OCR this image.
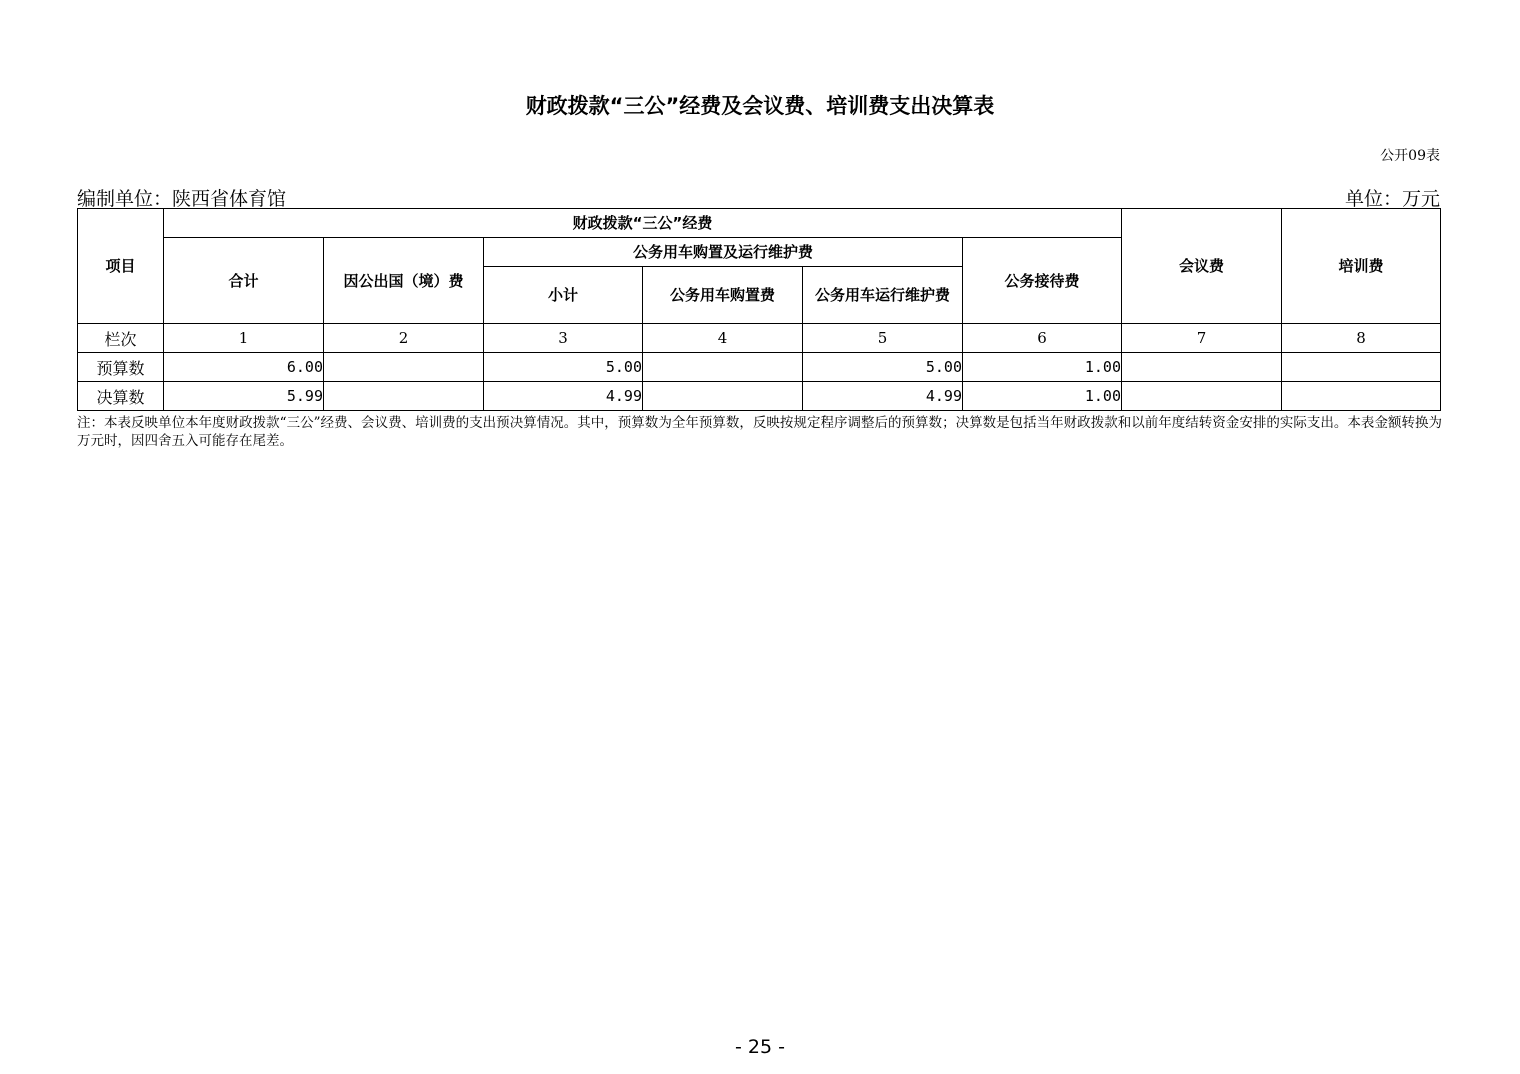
财政拨款“三公”经费及会议费、培训费支出决算表
公开09表
编制单位：陕西省体育馆	单位：万元
项目	财政拨款“三公”经费						会议费	培训费
	合计	因公出国（境）费	公务用车购置及运行维护费			公务接待费		
			小计	公务用车购置费	公务用车运行维护费			
栏次	1	2	3	4	5	6	7	8
预算数	6.00		5.00		5.00	1.00		
决算数	5.99		4.99		4.99	1.00		
注：本表反映单位本年度财政拨款“三公”经费、会议费、培训费的支出预决算情况。其中，预算数为全年预算数，反映按规定程序调整后的预算数；决算数是包括当年财政拨款和以前年度结转资金安排的实际支出。本表金额转换为万元时，因四舍五入可能存在尾差。
- 25 -
